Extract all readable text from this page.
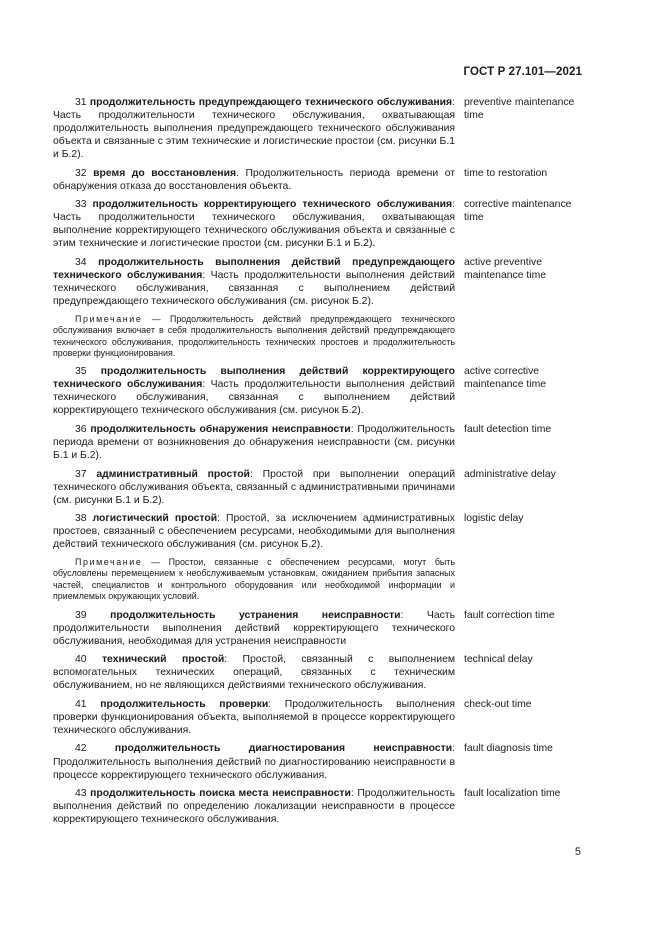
ГОСТ Р 27.101—2021
31 продолжительность предупреждающего технического обслуживания: Часть продолжительности технического обслуживания, охватывающая продолжительность выполнения предупреждающего технического обслуживания объекта и связанные с этим технические и логистические простои (см. рисунки Б.1 и Б.2).
preventive maintenance time
32 время до восстановления. Продолжительность периода времени от обнаружения отказа до восстановления объекта.
time to restoration
33 продолжительность корректирующего технического обслуживания: Часть продолжительности технического обслуживания, охватывающая выполнение корректирующего технического обслуживания объекта и связанные с этим технические и логистические простои (см. рисунки Б.1 и Б.2).
corrective maintenance time
34 продолжительность выполнения действий предупреждающего технического обслуживания: Часть продолжительности выполнения действий технического обслуживания, связанная с выполнением действий предупреждающего технического обслуживания (см. рисунок Б.2).
active preventive maintenance time
Примечание — Продолжительность действий предупреждающего технического обслуживания включает в себя продолжительность выполнения действий предупреждающего технического обслуживания, продолжительность технических простоев и продолжительность проверки функционирования.
35 продолжительность выполнения действий корректирующего технического обслуживания: Часть продолжительности выполнения действий технического обслуживания, связанная с выполнением действий корректирующего технического обслуживания (см. рисунок Б.2).
active corrective maintenance time
36 продолжительность обнаружения неисправности: Продолжительность периода времени от возникновения до обнаружения неисправности (см. рисунки Б.1 и Б.2).
fault detection time
37 административный простой: Простой при выполнении операций технического обслуживания объекта, связанный с административными причинами (см. рисунки Б.1 и Б.2).
administrative delay
38 логистический простой: Простой, за исключением административных простоев, связанный с обеспечением ресурсами, необходимыми для выполнения действий технического обслуживания (см. рисунок Б.2).
logistic delay
Примечание — Простои, связанные с обеспечением ресурсами, могут быть обусловлены перемещением к необслуживаемым установкам, ожиданием прибытия запасных частей, специалистов и контрольного оборудования или необходимой информации и приемлемых окружающих условий.
39 продолжительность устранения неисправности: Часть продолжительности выполнения действий корректирующего технического обслуживания, необходимая для устранения неисправности
fault correction time
40 технический простой: Простой, связанный с выполнением вспомогательных технических операций, связанных с техническим обслуживанием, но не являющихся действиями технического обслуживания.
technical delay
41 продолжительность проверки: Продолжительность выполнения проверки функционирования объекта, выполняемой в процессе корректирующего технического обслуживания.
check-out time
42	продолжительность диагностирования неисправности: Продолжительность выполнения действий по диагностированию неисправности в процессе корректирующего технического обслуживания.
fault diagnosis time
43 продолжительность поиска места неисправности: Продолжительность выполнения действий по определению локализации неисправности в процессе корректирующего технического обслуживания.
fault localization time
5
